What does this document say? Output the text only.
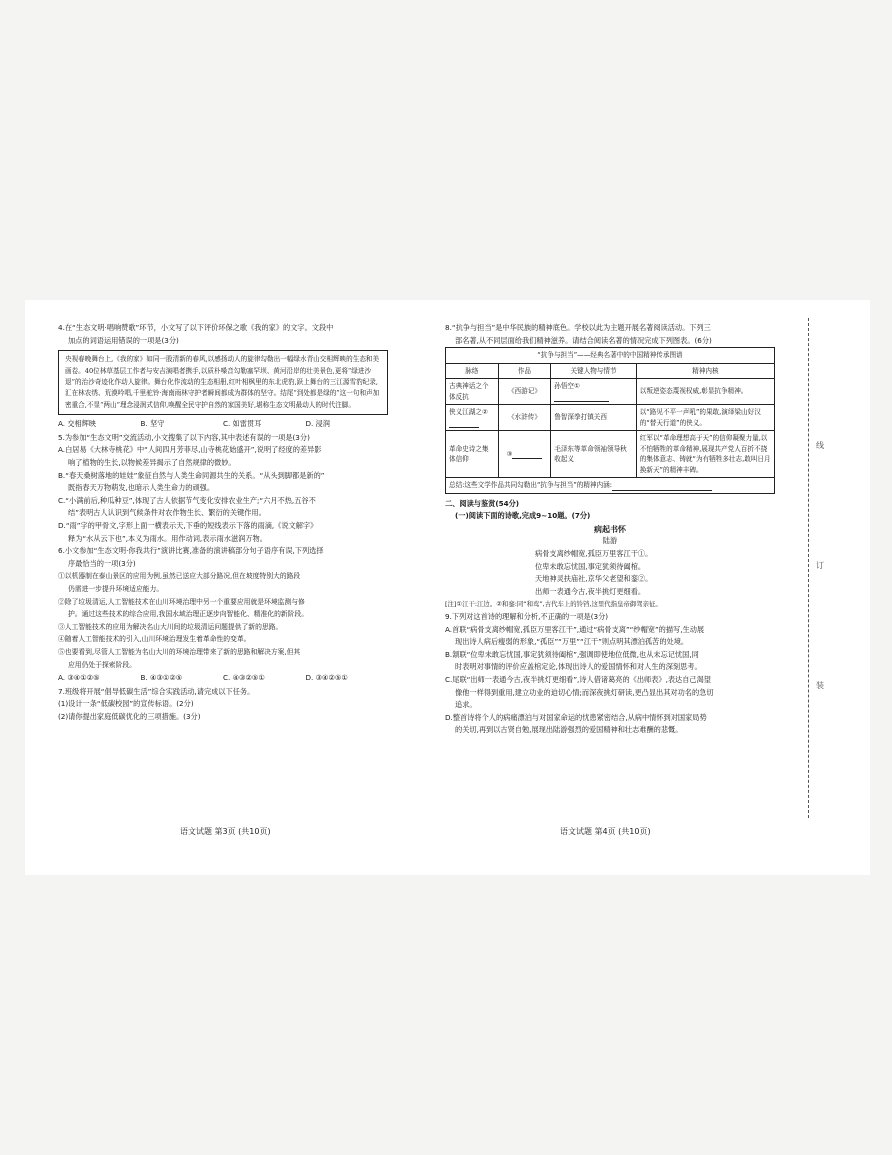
线
订
装

4.在“生态文明·唱响赞歌”环节，小文写了以下评价环保之歌《我的家》的文字。文段中

加点的词语运用错误的一项是(3分)

央视春晚舞台上,《我的家》如同一股清新的春风,以感扬动人的旋律勾勒出一幅绿水青山交相辉映的生态和美画卷。40位林草基层工作者与安吉演唱者携手,以质朴嗓音勾勒塞罕坝、黄河沿岸的壮美景色,更将“绿进沙退”的治沙奇迹化作动人旋律。舞台化作流动的生态相册,红叶相枫里的东北虎豹,跃上舞台的三江源雪豹纪录,汇在林农绣、荒漠吟唱,千里驼铃·海南雨林守护者瞬间都成为群体的坚守。结尾“到处都是绿的”这一句和声加密重合,不显“两山”理念浸润式信仰,唤醒全民守护自然的家国美好,堪称生态文明最动人的时代注脚。
A. 交相辉映	B. 坚守	C. 如雷贯耳	D. 浸润

5.为参加“生态文明”交流活动,小文搜集了以下内容,其中表述有误的一项是(3分)

A.白居易《大林寺桃花》中“人间四月芳菲尽,山寺桃花始盛开”,说明了经度的差异影

响了植物的生长,以物候差异揭示了自然规律的微妙。

B.“春天桑树落地的娃娃”象征自然与人类生命同源共生的关系。“从头到脚都是新的”

既指春天万物萌发,也暗示人类生命力的顽强。

C.“小满前后,种瓜种豆”,体现了古人依据节气变化安排农业生产;“六月不热,五谷不

结”表明古人认识到气候条件对农作物生长、繁衍的关键作用。

D.“雨”字的甲骨文,字形上面一横表示天,下垂的短线表示下落的雨滴,《说文解字》

释为“水从云下也”,本义为雨水。用作动词,表示雨水滋润万物。

6.小文参加“生态文明·你我共行”演讲比赛,准备的演讲稿部分句子语序有误,下列选择

序最恰当的一项(3分)

①以机器制在泰山景区的应用为例,虽然已送应大部分路况,但在坡度特别大的路段

仍需进一步提升环境适应能力。

②除了垃圾清运,人工智能技术在山川环境治理中另一个重要应用就是环境监测与修

护。通过这些技术的综合应用,我国水域治理正逐步向智能化、精准化的新阶段。

③人工智能技术的应用为解决名山大川间的垃圾清运问题提供了新的思路。

④随着人工智能技术的引入,山川环境治理发生着革命性的变革。

⑤也要看到,尽管人工智能为名山大川的环境治理带来了新的思路和解决方案,但其

应用仍处于探索阶段。

A. ③④①②⑤	B. ④③①②⑤	C. ④③②⑤①	D. ③④②⑤①

7.班级将开展“倡导低碳生活”综合实践活动,请完成以下任务。

(1)设计一条“低碳校园”的宣传标语。(2分)

(2)请你提出家庭低碳优化的三项措施。(3分)

语文试题 第3页 (共10页)

8.“抗争与担当”是中华民族的精神底色。学校以此为主题开展名著阅读活动。下列三

部名著,从不同层面给我们精神滋养。请结合阅读名著的情况完成下列图表。(6分)

“抗争与担当”——经典名著中的中国精神传承图谱			
脉络	作品	关键人物与情节	精神内核
古典神话之个体反抗	《西游记》	孙悟空①	以叛逆姿态蔑视权威,彰显抗争精神。
侠义江湖之②	《水浒传》	鲁智深拳打镇关西	以“路见不平一声吼”的果敢,演绎梁山好汉的“替天行道”的侠义。
革命史诗之集体信仰	③	毛泽东等革命领袖领导秋收起义	红军以“革命理想高于天”的信仰凝聚力量,以不怕牺牲的革命精神,展现共产党人百折不挠的集体意志、铸就“为有牺牲多壮志,敢叫日月换新天”的精神丰碑。
总结:这些文学作品共同勾勒出“抗争与担当”的精神内涵:			

二、阅读与鉴赏(54分)

(一)阅读下面的诗歌,完成9~10题。(7分)

病起书怀
陆游
病骨支离纱帽宽,孤臣万里客江干①。
位卑未敢忘忧国,事定犹须待阖棺。
天地神灵扶庙社,京华父老望和銮②。
出师一表通今古,夜半挑灯更细看。

[注]①江干:江边。②和銮:同“和鸾”,古代车上的铃铛,这里代指皇帝御驾亲征。

9.下列对这首诗的理解和分析,不正确的一项是(3分)

A.首联“病骨支离纱帽宽,孤臣万里客江干”,通过“病骨支离”“纱帽宽”的描写,生动展

现出诗人病后瘦弱的形象,“孤臣”“万里”“江干”则点明其漂泊孤苦的处境。

B.颔联“位卑未敢忘忧国,事定犹须待阖棺”,强调即使地位低微,也从未忘记忧国,同

时表明对事情的评价应盖棺定论,体现出诗人的爱国情怀和对人生的深刻思考。

C.尾联“出师一表通今古,夜半挑灯更细看”,诗人借诸葛亮的《出师表》,表达自己渴望

像他一样得到重用,建立功业的迫切心情;而深夜挑灯研读,更凸显出其对功名的急切

追求。

D.整首诗将个人的病痛漂泊与对国家命运的忧患紧密结合,从病中情怀到对国家局势

的关切,再到以古贤自勉,展现出陆游强烈的爱国精神和壮志难酬的悲慨。

语文试题 第4页 (共10页)
